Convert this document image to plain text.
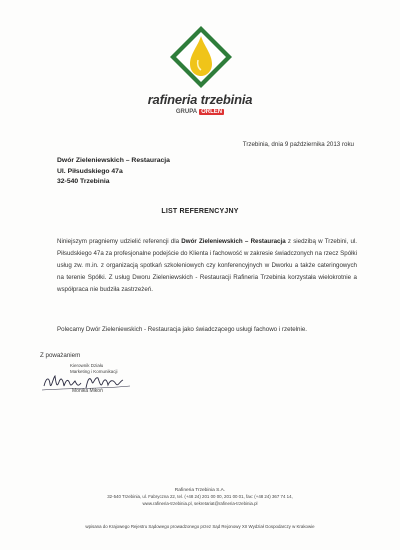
rafineria trzebinia
GRUPA ORLEN
Trzebinia, dnia 9 października 2013 roku
Dwór Zieleniewskich – Restauracja
Ul. Piłsudskiego 47a
32-540 Trzebinia
LIST REFERENCYJNY
Niniejszym pragniemy udzielić referencji dla Dwór Zieleniewskich – Restauracja z siedzibą w Trzebini, ul. Piłsudskiego 47a za profesjonalne podejście do Klienta i fachowość w zakresie świadczonych na rzecz Spółki usług zw. m.in. z organizacją spotkań szkoleniowych czy konferencyjnych w Dworku a także cateringowych na terenie Spółki. Z usług Dworu Zieleniewskich - Restauracji Rafineria Trzebinia korzystała wielokrotnie a współpraca nie budziła zastrzeżeń.
Polecamy Dwór Zieleniewskich - Restauracja jako świadczącego usługi fachowo i rzetelnie.
Z poważaniem
Kierownik Działu
Marketing i Komunikacji
Monika Mikoń
Rafineria Trzebinia S.A.
32-540 Trzebinia, ul. Fabryczna 22, tel. (+48 24) 201 00 00, 201 00 01, fax: (+48 24) 367 74 14,
www.rafineria-trzebinia.pl, sekretariat@rafineria-trzebinia.pl
wpisana do Krajowego Rejestru Sądowego prowadzonego przez Sąd Rejonowy XII Wydział Gospodarczy w Krakowie
